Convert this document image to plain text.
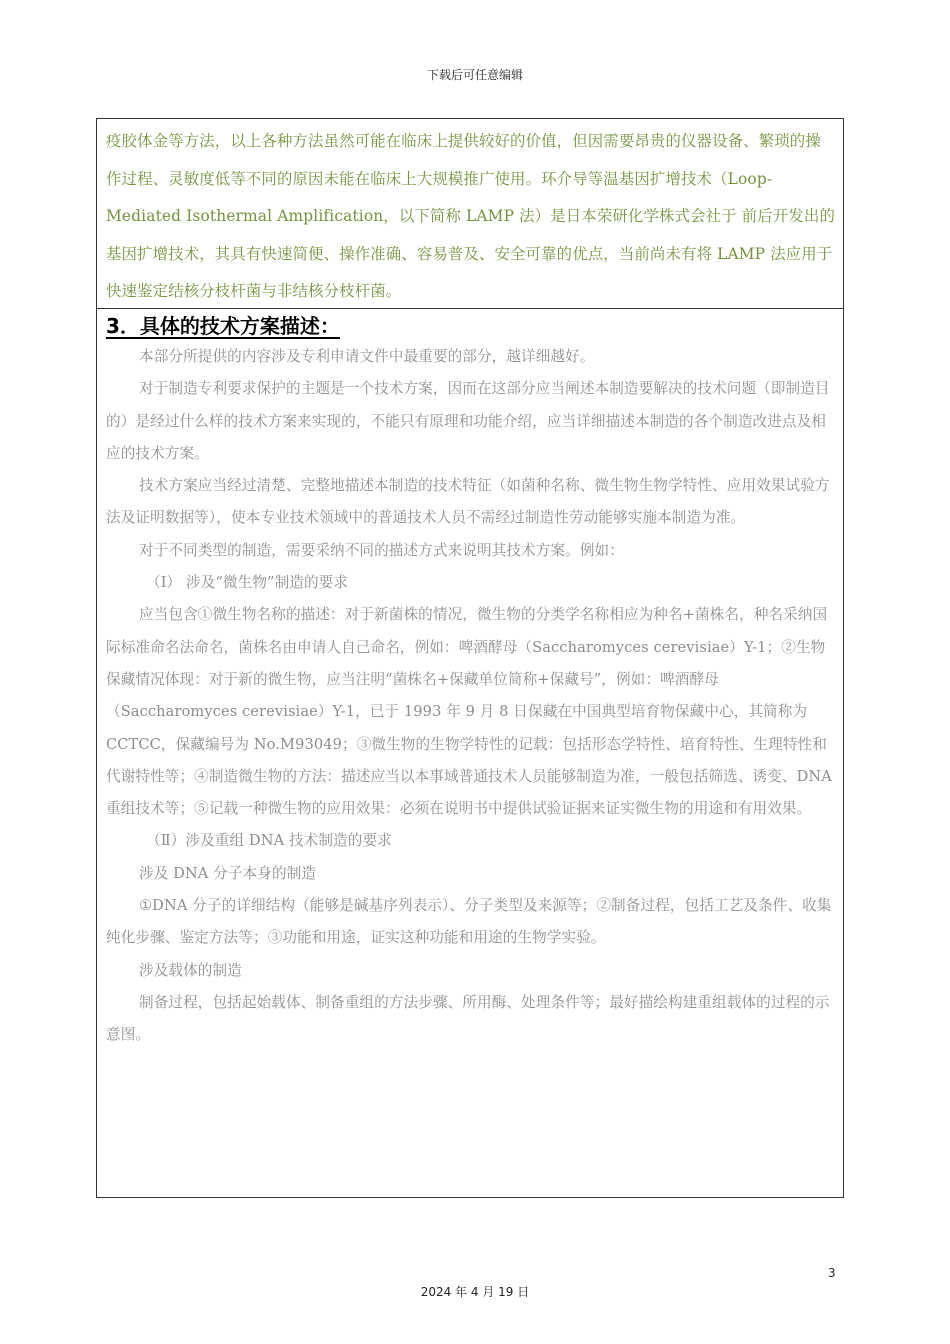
下载后可任意编辑

疫胶体金等方法，以上各种方法虽然可能在临床上提供较好的价值，但因需要昂贵的仪器设备、繁琐的操作过程、灵敏度低等不同的原因未能在临床上大规模推广使用。环介导等温基因扩增技术（Loop-Mediated Isothermal Amplification，以下简称 LAMP 法）是日本荣研化学株式会社于 前后开发出的基因扩增技术，其具有快速简便、操作准确、容易普及、安全可靠的优点，当前尚未有将 LAMP 法应用于快速鉴定结核分枝杆菌与非结核分枝杆菌。

3．具体的技术方案描述：

本部分所提供的内容涉及专利申请文件中最重要的部分，越详细越好。

对于制造专利要求保护的主题是一个技术方案，因而在这部分应当阐述本制造要解决的技术问题（即制造目的）是经过什么样的技术方案来实现的，不能只有原理和功能介绍，应当详细描述本制造的各个制造改进点及相应的技术方案。

技术方案应当经过清楚、完整地描述本制造的技术特征（如菌种名称、微生物生物学特性、应用效果试验方法及证明数据等），使本专业技术领域中的普通技术人员不需经过制造性劳动能够实施本制造为准。

对于不同类型的制造，需要采纳不同的描述方式来说明其技术方案。例如：

（Ⅰ） 涉及“微生物”制造的要求

应当包含①微生物名称的描述：对于新菌株的情况，微生物的分类学名称相应为种名+菌株名，种名采纳国际标准命名法命名，菌株名由申请人自己命名，例如：啤酒酵母（Saccharomyces cerevisiae）Y-1；②生物保藏情况体现：对于新的微生物，应当注明“菌株名+保藏单位简称+保藏号”，例如：啤酒酵母（Saccharomyces cerevisiae）Y-1，已于 1993 年 9 月 8 日保藏在中国典型培育物保藏中心，其简称为 CCTCC，保藏编号为 No.M93049；③微生物的生物学特性的记载：包括形态学特性、培育特性、生理特性和代谢特性等；④制造微生物的方法：描述应当以本事域普通技术人员能够制造为准，一般包括筛选、诱变、DNA 重组技术等；⑤记载一种微生物的应用效果：必须在说明书中提供试验证据来证实微生物的用途和有用效果。

（Ⅱ）涉及重组 DNA 技术制造的要求

涉及 DNA 分子本身的制造

①DNA 分子的详细结构（能够是碱基序列表示）、分子类型及来源等；②制备过程，包括工艺及条件、收集纯化步骤、鉴定方法等；③功能和用途，证实这种功能和用途的生物学实验。

涉及载体的制造

制备过程，包括起始载体、制备重组的方法步骤、所用酶、处理条件等；最好描绘构建重组载体的过程的示意图。

3
2024 年 4 月 19 日
